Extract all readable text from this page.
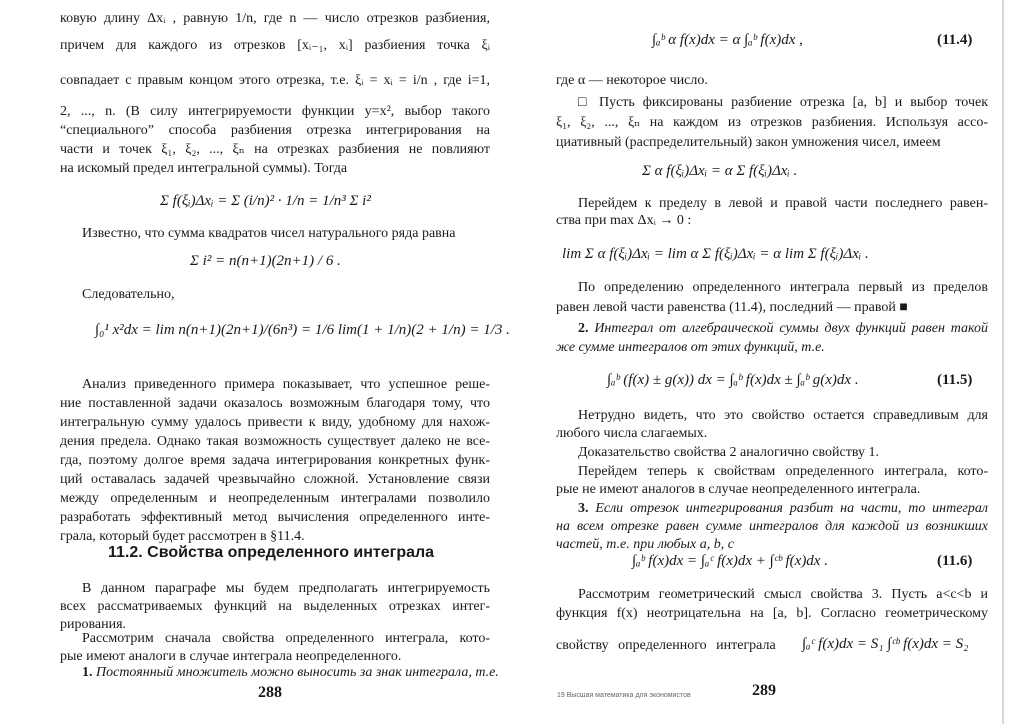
ковую длину Δxᵢ , равную 1/n, где n — число отрезков разбиения,
причем для каждого из отрезков [xᵢ₋₁, xᵢ] разбиения точка ξᵢ
совпадает с правым концом этого отрезка, т.е. ξᵢ = xᵢ = i/n , где i=1,
2, ..., n. (В силу интегрируемости функции y=x², выбор такого
“специального” способа разбиения отрезка интегрирования на
части и точек ξ₁, ξ₂, ..., ξₙ на отрезках разбиения не повлияют
на искомый предел интегральной суммы). Тогда
Σ f(ξᵢ)Δxᵢ = Σ (i/n)² · 1/n = 1/n³ Σ i²
Известно, что сумма квадратов чисел натурального ряда равна
Σ i² = n(n+1)(2n+1) / 6 .
Следовательно,
∫₀¹ x²dx = lim n(n+1)(2n+1)/(6n³) = 1/6 lim(1 + 1/n)(2 + 1/n) = 1/3 .
Анализ приведенного примера показывает, что успешное реше-
ние поставленной задачи оказалось возможным благодаря тому, что
интегральную сумму удалось привести к виду, удобному для нахож-
дения предела. Однако такая возможность существует далеко не все-
гда, поэтому долгое время задача интегрирования конкретных функ-
ций оставалась задачей чрезвычайно сложной. Установление связи
между определенным и неопределенным интегралами позволило
разработать эффективный метод вычисления определенного инте-
грала, который будет рассмотрен в §11.4.
11.2. Свойства определенного интеграла
В данном параграфе мы будем предполагать интегрируемость
всех рассматриваемых функций на выделенных отрезках интег-
рирования.
Рассмотрим сначала свойства определенного интеграла, кото-
рые имеют аналоги в случае интеграла неопределенного.
1. Постоянный множитель можно выносить за знак интеграла, т.е.
288
∫ₐᵇ α f(x)dx = α ∫ₐᵇ f(x)dx ,	(11.4)
где α — некоторое число.
□ Пусть фиксированы разбиение отрезка [a, b] и выбор точек
ξ₁, ξ₂, ..., ξₙ на каждом из отрезков разбиения. Используя ассо-
циативный (распределительный) закон умножения чисел, имеем
Σ α f(ξᵢ)Δxᵢ = α Σ f(ξᵢ)Δxᵢ .
Перейдем к пределу в левой и правой части последнего равен-
ства при max Δxᵢ → 0 :
lim Σ α f(ξᵢ)Δxᵢ = lim α Σ f(ξᵢ)Δxᵢ = α lim Σ f(ξᵢ)Δxᵢ .
По определению определенного интеграла первый из пределов
равен левой части равенства (11.4), последний — правой ■
2. Интеграл от алгебраической суммы двух функций равен такой
же сумме интегралов от этих функций, т.е.
∫ₐᵇ (f(x) ± g(x)) dx = ∫ₐᵇ f(x)dx ± ∫ₐᵇ g(x)dx .	(11.5)
Нетрудно видеть, что это свойство остается справедливым для
любого числа слагаемых.
Доказательство свойства 2 аналогично свойству 1.
Перейдем теперь к свойствам определенного интеграла, кото-
рые не имеют аналогов в случае неопределенного интеграла.
3. Если отрезок интегрирования разбит на части, то интеграл
на всем отрезке равен сумме интегралов для каждой из возникших
частей, т.е. при любых a, b, c
∫ₐᵇ f(x)dx = ∫ₐᶜ f(x)dx + ∫ᶜᵇ f(x)dx .	(11.6)
Рассмотрим геометрический смысл свойства 3. Пусть a<c<b и
функция f(x) неотрицательна на [a, b]. Согласно геометрическому
свойству определенного интеграла ∫ₐᶜ f(x)dx = S₁ ∫ᶜᵇ f(x)dx = S₂
19 Высшая математика для экономистов	289
